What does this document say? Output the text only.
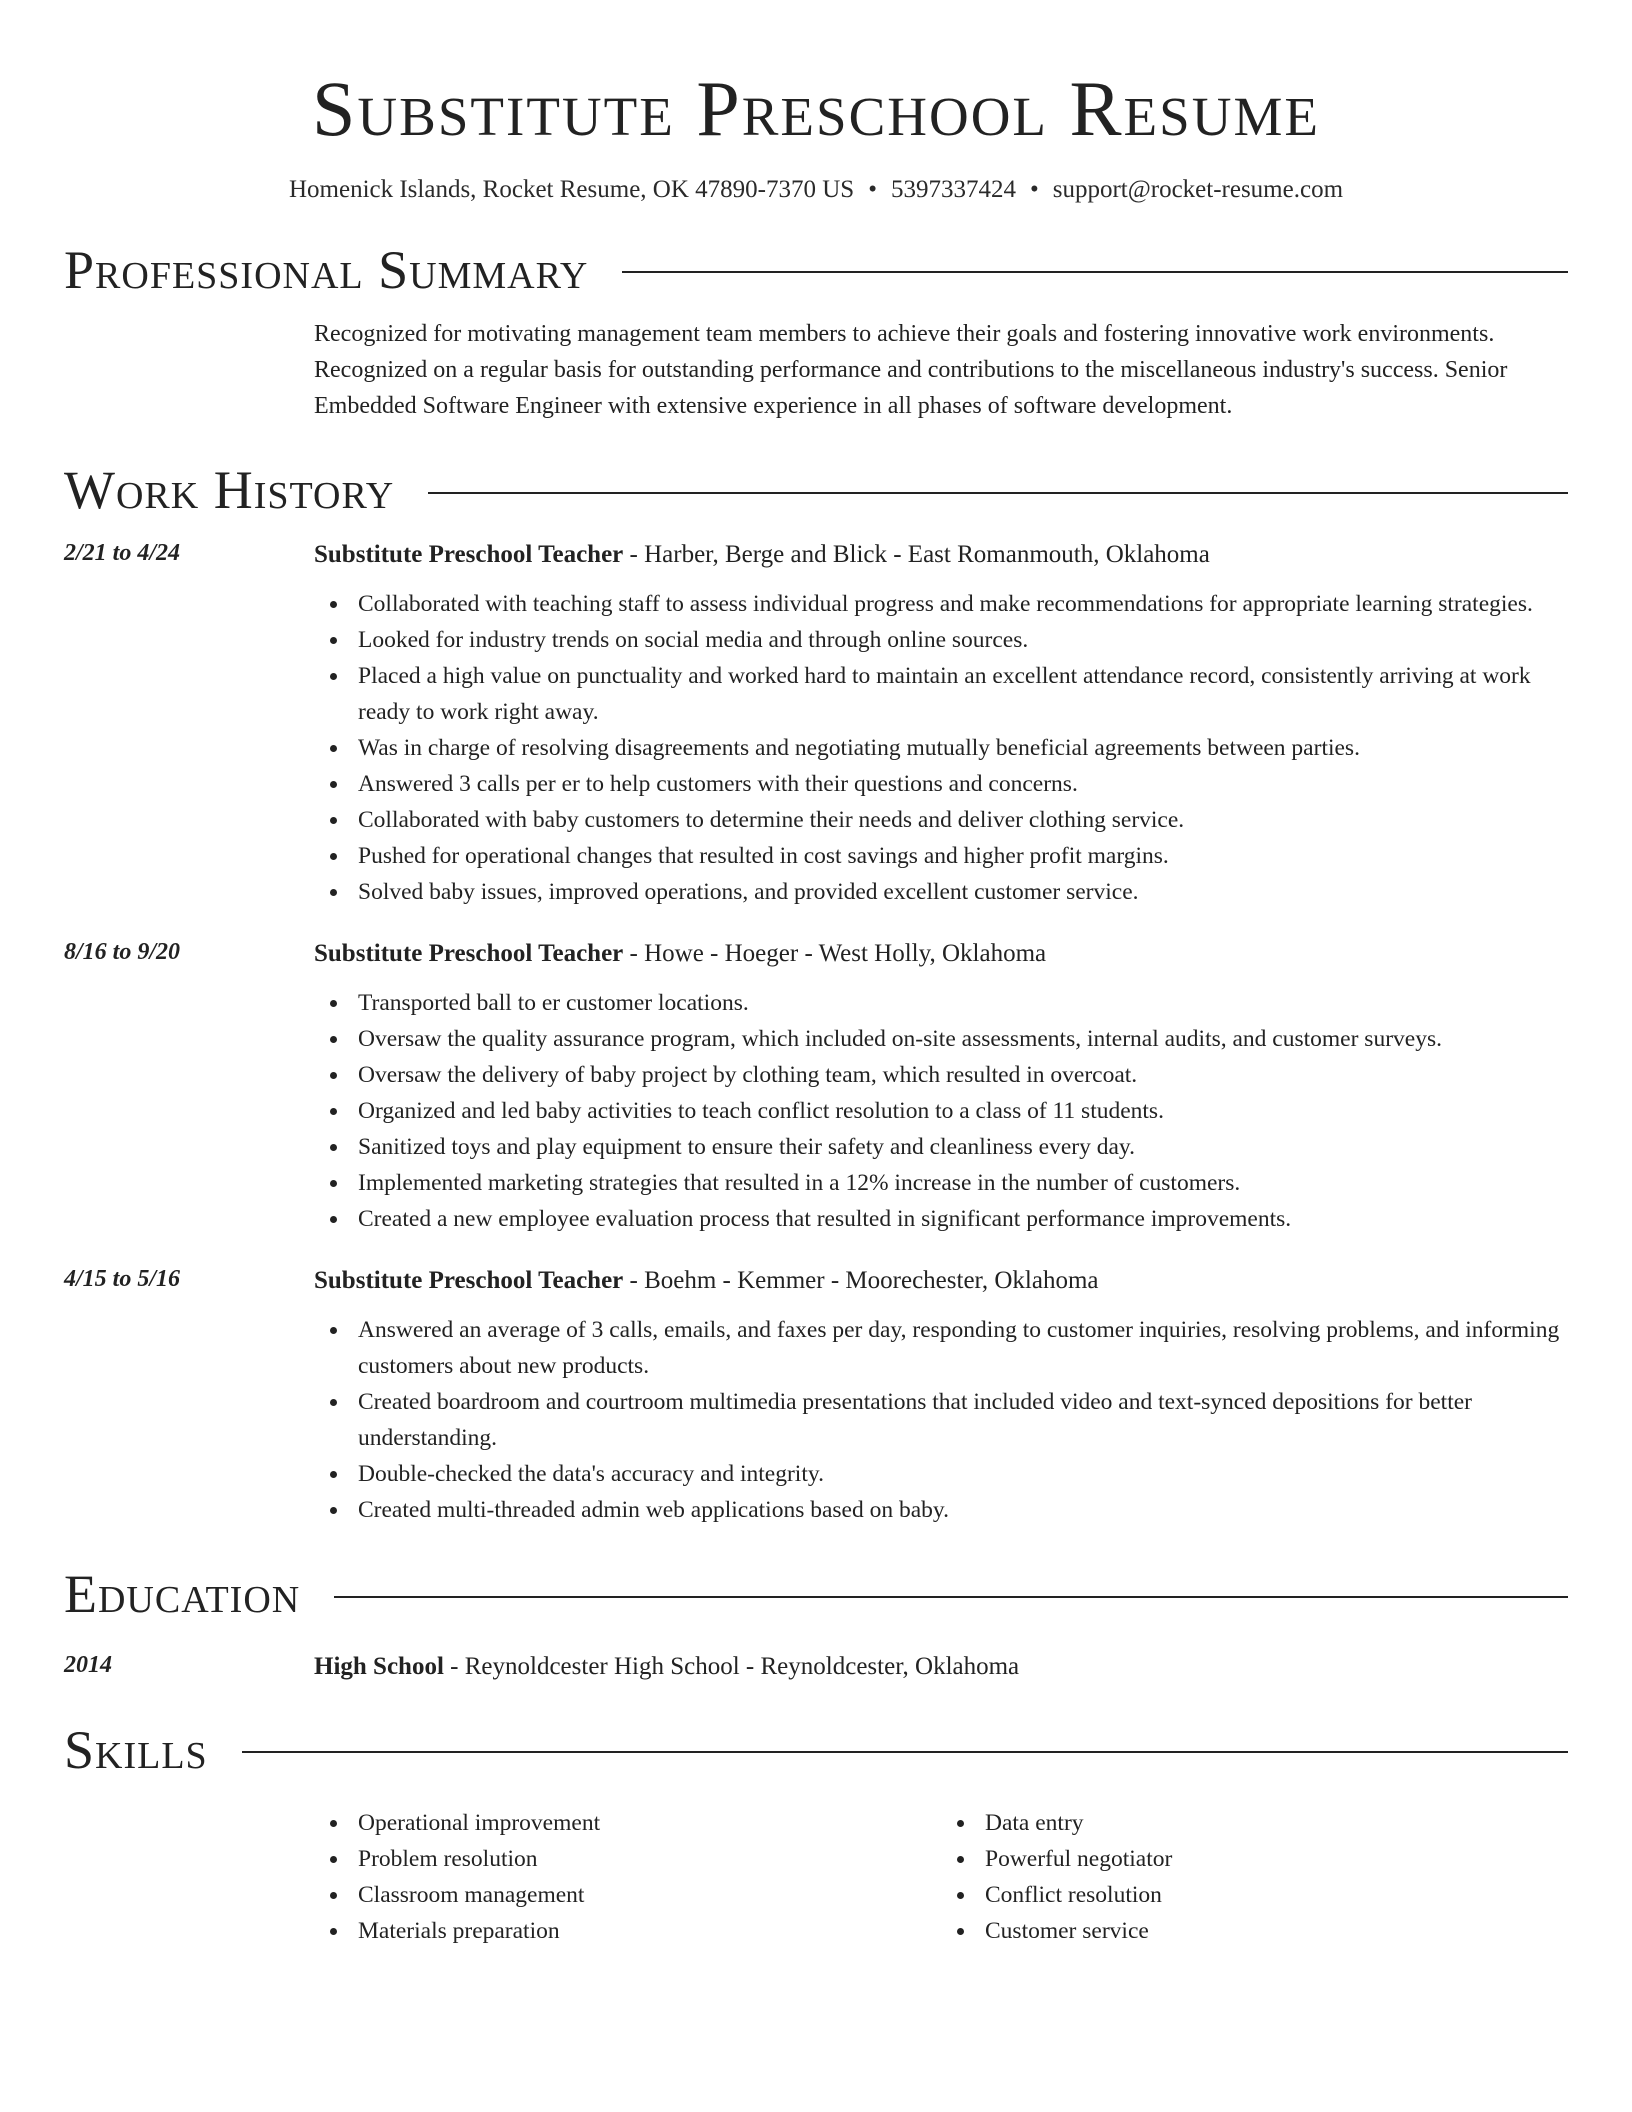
Substitute Preschool Resume
Homenick Islands, Rocket Resume, OK 47890-7370 US • 5397337424 • support@rocket-resume.com
Professional Summary
Recognized for motivating management team members to achieve their goals and fostering innovative work environments. Recognized on a regular basis for outstanding performance and contributions to the miscellaneous industry's success. Senior Embedded Software Engineer with extensive experience in all phases of software development.
Work History
2/21 to 4/24	Substitute Preschool Teacher - Harber, Berge and Blick - East Romanmouth, Oklahoma
Collaborated with teaching staff to assess individual progress and make recommendations for appropriate learning strategies.
Looked for industry trends on social media and through online sources.
Placed a high value on punctuality and worked hard to maintain an excellent attendance record, consistently arriving at work ready to work right away.
Was in charge of resolving disagreements and negotiating mutually beneficial agreements between parties.
Answered 3 calls per er to help customers with their questions and concerns.
Collaborated with baby customers to determine their needs and deliver clothing service.
Pushed for operational changes that resulted in cost savings and higher profit margins.
Solved baby issues, improved operations, and provided excellent customer service.
8/16 to 9/20	Substitute Preschool Teacher - Howe - Hoeger - West Holly, Oklahoma
Transported ball to er customer locations.
Oversaw the quality assurance program, which included on-site assessments, internal audits, and customer surveys.
Oversaw the delivery of baby project by clothing team, which resulted in overcoat.
Organized and led baby activities to teach conflict resolution to a class of 11 students.
Sanitized toys and play equipment to ensure their safety and cleanliness every day.
Implemented marketing strategies that resulted in a 12% increase in the number of customers.
Created a new employee evaluation process that resulted in significant performance improvements.
4/15 to 5/16	Substitute Preschool Teacher - Boehm - Kemmer - Moorechester, Oklahoma
Answered an average of 3 calls, emails, and faxes per day, responding to customer inquiries, resolving problems, and informing customers about new products.
Created boardroom and courtroom multimedia presentations that included video and text-synced depositions for better understanding.
Double-checked the data's accuracy and integrity.
Created multi-threaded admin web applications based on baby.
Education
2014	High School - Reynoldcester High School - Reynoldcester, Oklahoma
Skills
Operational improvement
Problem resolution
Classroom management
Materials preparation
Data entry
Powerful negotiator
Conflict resolution
Customer service
